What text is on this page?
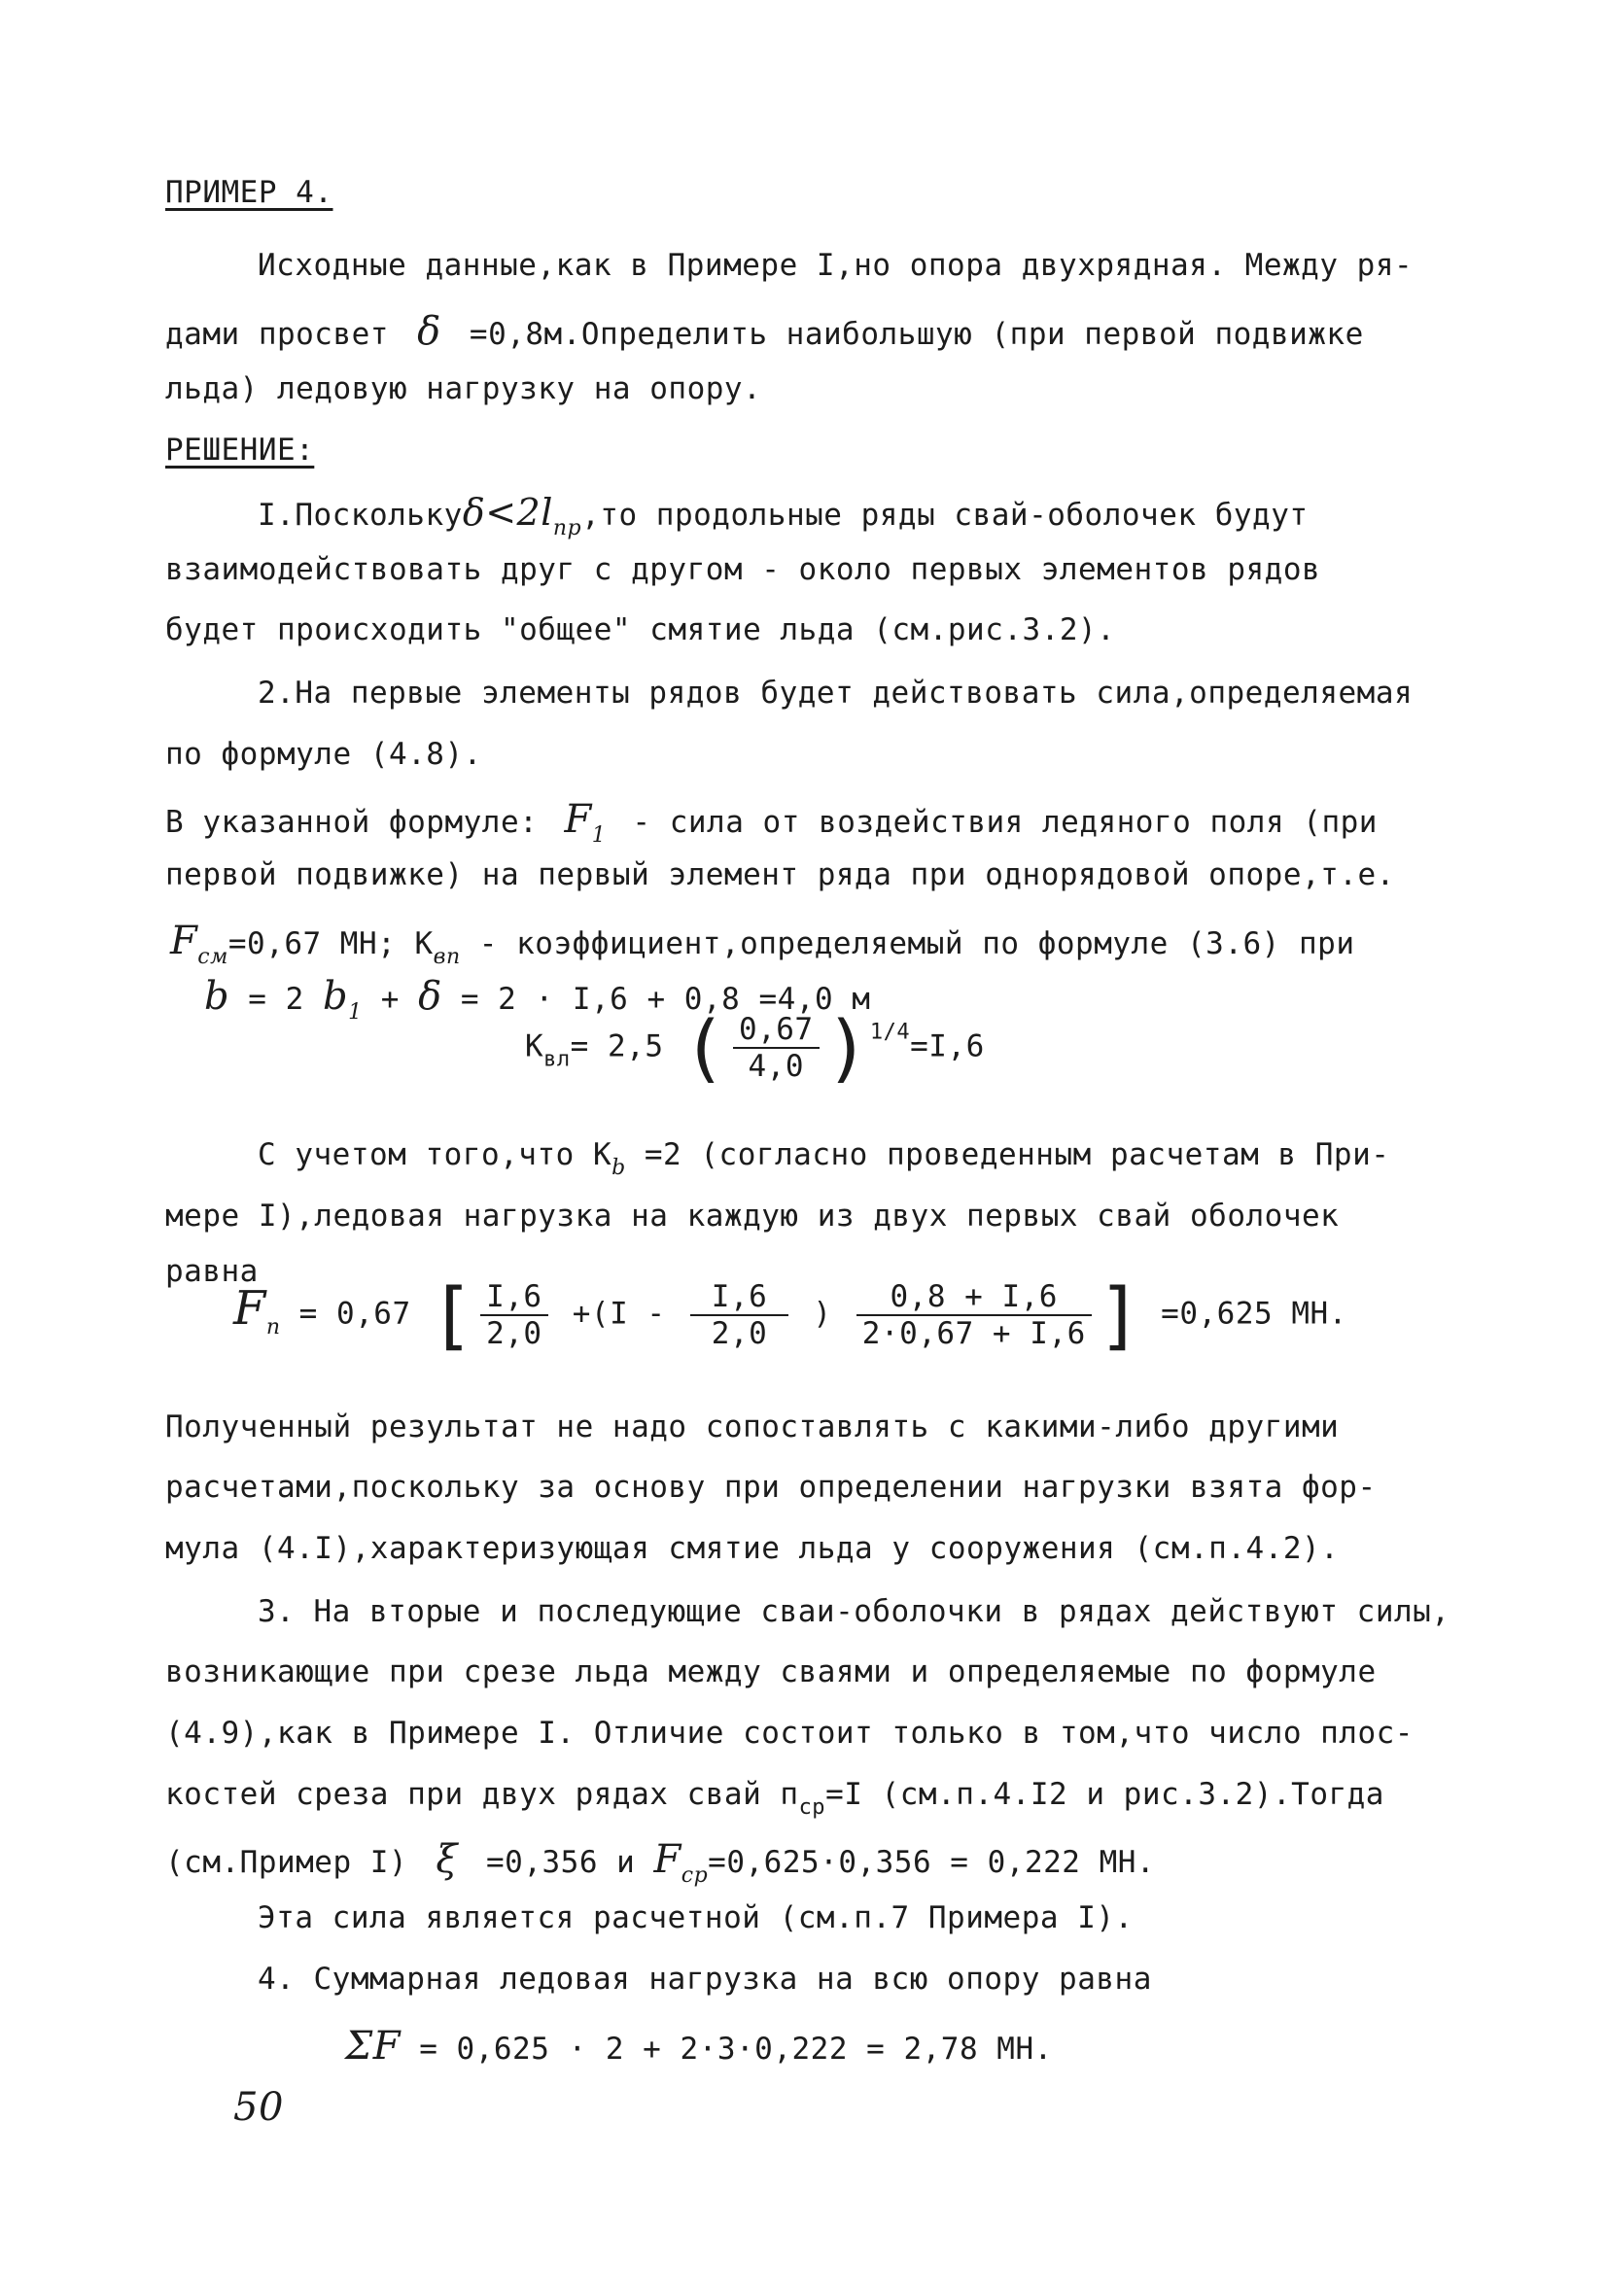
ПРИМЕР 4.
Исходные данные,как в Примере I,но опора двухрядная. Между ря-
дами просвет δ =0,8м.Определить наибольшую (при первой подвижке
льда) ледовую нагрузку на опору.
РЕШЕНИЕ:
$I.Поскольку\delta<2l_{пр},то$ продольные ряды свай-оболочек будут
взаимодействовать друг с другом - около первых элементов рядов
будет происходить "общее" смятие льда (см.рис.3.2).
2.На первые элементы рядов будет действовать сила,определяемая
по формуле (4.8).
В указанной формуле: $F_1$ - сила от воздействия ледяного поля (при
первой подвижке) на первый элемент ряда при однорядовой опоре,т.е.
$F_{см}=0,67$ МН; $К_{вп}$ - коэффициент,определяемый по формуле (3.6) при
b = 2 $b_1 + \delta = 2 \cdot I,6 + 0,8 =4,0$ м
$К_{вл}= 2,5$ ( $\frac{0,67}{4,0} )^{1/4}=I,6$
С учетом того,что $К_b =2$ (согласно проведенным расчетам в При-
мере I),ледовая нагрузка на каждую из двух первых свай оболочек
равна
$F_п = 0,67$ [ $\frac{I,6}{2,0} +(I - \frac{I,6}{2,0}$ ) $\frac{0,8 + I,6}{2\cdot 0,67 + I,6}$ ] =0,625 МН.
Полученный результат не надо сопоставлять с какими-либо другими
расчетами,поскольку за основу при определении нагрузки взята фор-
мула (4.I),характеризующая смятие льда у сооружения (см.п.4.2).
3. На вторые и последующие сваи-оболочки в рядах действуют силы,
возникающие при срезе льда между сваями и определяемые по формуле
(4.9),как в Примере I. Отличие состоит только в том,что число плос-
костей среза при двух рядах свай $п_{ср}=I$ (см.п.4.I2 и рис.3.2).Тогда
(см.Пример I) ξ =0,356 и $F_{ср}=0,625\cdot 0,356 = 0,222$ МН.
Эта сила является расчетной (см.п.7 Примера I).
4. Суммарная ледовая нагрузка на всю опору равна
ΣF = 0,625 · 2 + 2·3·0,222 = 2,78 МН.
50
